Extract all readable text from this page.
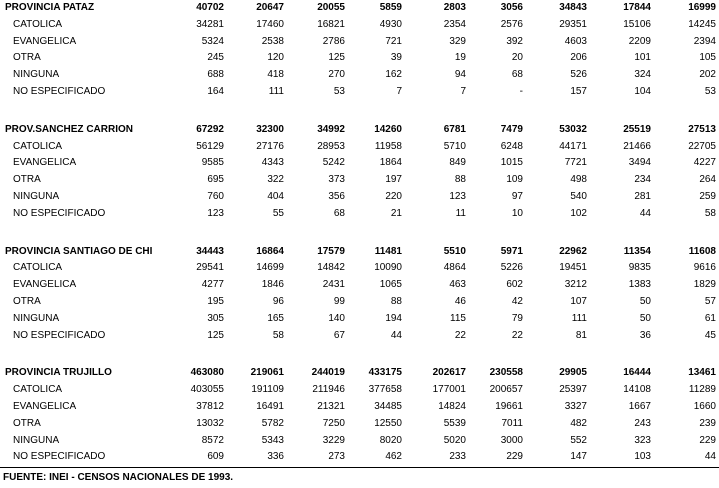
PROVINCIA PATAZ	40702	20647	20055	5859	2803	3056	34843	17844	16999
CATOLICA	34281	17460	16821	4930	2354	2576	29351	15106	14245
EVANGELICA	5324	2538	2786	721	329	392	4603	2209	2394
OTRA	245	120	125	39	19	20	206	101	105
NINGUNA	688	418	270	162	94	68	526	324	202
NO ESPECIFICADO	164	111	53	7	7	-	157	104	53

PROV.SANCHEZ CARRION	67292	32300	34992	14260	6781	7479	53032	25519	27513
CATOLICA	56129	27176	28953	11958	5710	6248	44171	21466	22705
EVANGELICA	9585	4343	5242	1864	849	1015	7721	3494	4227
OTRA	695	322	373	197	88	109	498	234	264
NINGUNA	760	404	356	220	123	97	540	281	259
NO ESPECIFICADO	123	55	68	21	11	10	102	44	58

PROVINCIA SANTIAGO DE CHI	34443	16864	17579	11481	5510	5971	22962	11354	11608
CATOLICA	29541	14699	14842	10090	4864	5226	19451	9835	9616
EVANGELICA	4277	1846	2431	1065	463	602	3212	1383	1829
OTRA	195	96	99	88	46	42	107	50	57
NINGUNA	305	165	140	194	115	79	111	50	61
NO ESPECIFICADO	125	58	67	44	22	22	81	36	45

PROVINCIA TRUJILLO	463080	219061	244019	433175	202617	230558	29905	16444	13461
CATOLICA	403055	191109	211946	377658	177001	200657	25397	14108	11289
EVANGELICA	37812	16491	21321	34485	14824	19661	3327	1667	1660
OTRA	13032	5782	7250	12550	5539	7011	482	243	239
NINGUNA	8572	5343	3229	8020	5020	3000	552	323	229
NO ESPECIFICADO	609	336	273	462	233	229	147	103	44
FUENTE: INEI - CENSOS NACIONALES DE 1993.
